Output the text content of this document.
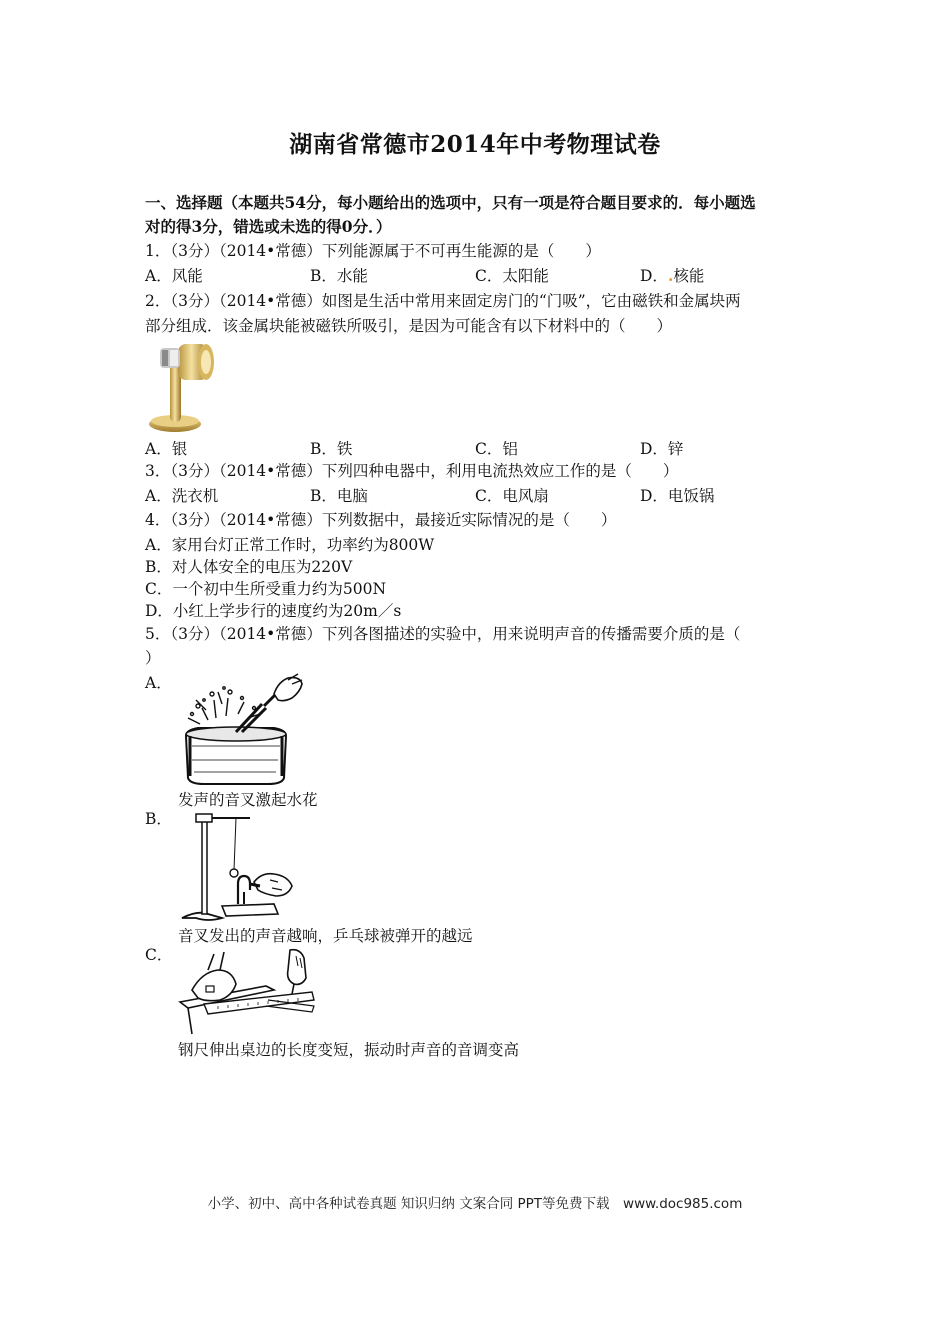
湖南省常德市2014年中考物理试卷
一、选择题（本题共54分，每小题给出的选项中，只有一项是符合题目要求的．每小题选
对的得3分，错选或未选的得0分．）
1．（3分）（2014•常德）下列能源属于不可再生能源的是（　　）
A．风能	B．水能	C．太阳能	D．.核能
2．（3分）（2014•常德）如图是生活中常用来固定房门的“门吸”，它由磁铁和金属块两
部分组成．该金属块能被磁铁所吸引，是因为可能含有以下材料中的（　　）
A．银	B．铁	C．铝	D．锌
3．（3分）（2014•常德）下列四种电器中，利用电流热效应工作的是（　　）
A．洗衣机	B．电脑	C．电风扇	D．电饭锅
4．（3分）（2014•常德）下列数据中，最接近实际情况的是（　　）
A．家用台灯正常工作时，功率约为800W
B．对人体安全的电压为220V
C．一个初中生所受重力约为500N
D．小红上学步行的速度约为20m／s
5．（3分）（2014•常德）下列各图描述的实验中，用来说明声音的传播需要介质的是（
）
A．
发声的音叉激起水花
B．
音叉发出的声音越响，乒乓球被弹开的越远
C．
钢尺伸出桌边的长度变短，振动时声音的音调变高
小学、初中、高中各种试卷真题 知识归纳 文案合同 PPT等免费下载　www.doc985.com
